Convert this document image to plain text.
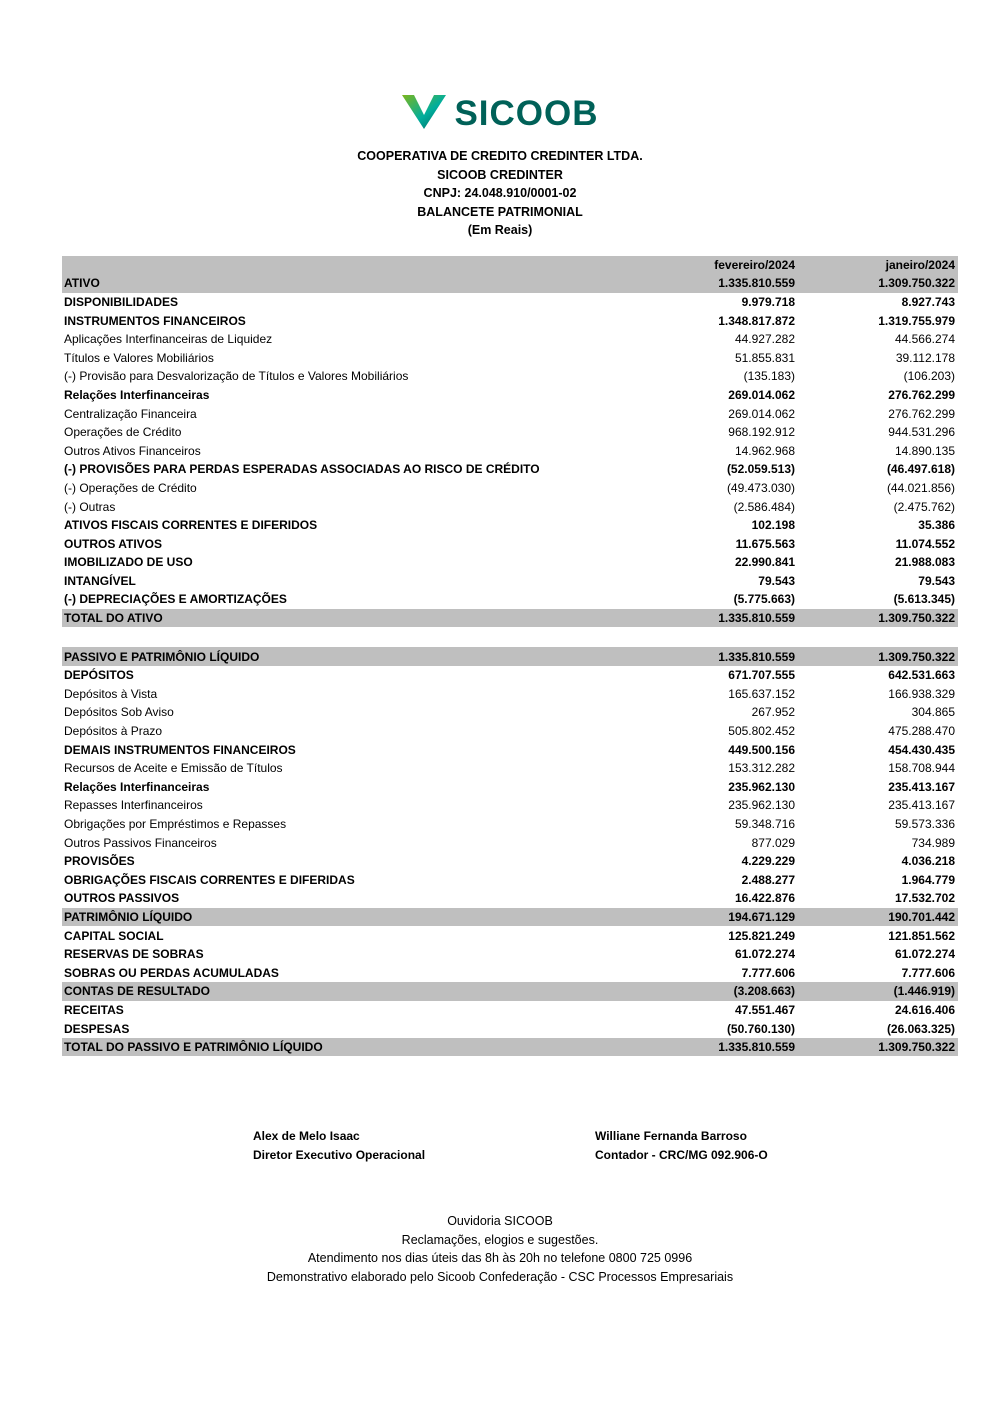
SICOOB
COOPERATIVA DE CREDITO CREDINTER LTDA.
SICOOB CREDINTER
CNPJ: 24.048.910/0001-02
BALANCETE PATRIMONIAL
(Em Reais)
	fevereiro/2024	janeiro/2024
ATIVO	1.335.810.559	1.309.750.322
DISPONIBILIDADES	9.979.718	8.927.743
INSTRUMENTOS FINANCEIROS	1.348.817.872	1.319.755.979
Aplicações Interfinanceiras de Liquidez	44.927.282	44.566.274
Títulos e Valores Mobiliários	51.855.831	39.112.178
(-) Provisão para Desvalorização de Títulos e Valores Mobiliários	(135.183)	(106.203)
Relações Interfinanceiras	269.014.062	276.762.299
Centralização Financeira	269.014.062	276.762.299
Operações de Crédito	968.192.912	944.531.296
Outros Ativos Financeiros	14.962.968	14.890.135
(-) PROVISÕES PARA PERDAS ESPERADAS ASSOCIADAS AO RISCO DE CRÉDITO	(52.059.513)	(46.497.618)
(-) Operações de Crédito	(49.473.030)	(44.021.856)
(-) Outras	(2.586.484)	(2.475.762)
ATIVOS FISCAIS CORRENTES E DIFERIDOS	102.198	35.386
OUTROS ATIVOS	11.675.563	11.074.552
IMOBILIZADO DE USO	22.990.841	21.988.083
INTANGÍVEL	79.543	79.543
(-) DEPRECIAÇÕES E AMORTIZAÇÕES	(5.775.663)	(5.613.345)
TOTAL DO ATIVO	1.335.810.559	1.309.750.322

PASSIVO E PATRIMÔNIO LÍQUIDO	1.335.810.559	1.309.750.322
DEPÓSITOS	671.707.555	642.531.663
Depósitos à Vista	165.637.152	166.938.329
Depósitos Sob Aviso	267.952	304.865
Depósitos à Prazo	505.802.452	475.288.470
DEMAIS INSTRUMENTOS FINANCEIROS	449.500.156	454.430.435
Recursos de Aceite e Emissão de Títulos	153.312.282	158.708.944
Relações Interfinanceiras	235.962.130	235.413.167
Repasses Interfinanceiros	235.962.130	235.413.167
Obrigações por Empréstimos e Repasses	59.348.716	59.573.336
Outros Passivos Financeiros	877.029	734.989
PROVISÕES	4.229.229	4.036.218
OBRIGAÇÕES FISCAIS CORRENTES E DIFERIDAS	2.488.277	1.964.779
OUTROS PASSIVOS	16.422.876	17.532.702
PATRIMÔNIO LÍQUIDO	194.671.129	190.701.442
CAPITAL SOCIAL	125.821.249	121.851.562
RESERVAS DE SOBRAS	61.072.274	61.072.274
SOBRAS OU PERDAS ACUMULADAS	7.777.606	7.777.606
CONTAS DE RESULTADO	(3.208.663)	(1.446.919)
RECEITAS	47.551.467	24.616.406
DESPESAS	(50.760.130)	(26.063.325)
TOTAL DO PASSIVO E PATRIMÔNIO LÍQUIDO	1.335.810.559	1.309.750.322
Alex de Melo Isaac
Diretor Executivo Operacional
Williane Fernanda Barroso
Contador - CRC/MG 092.906-O
Ouvidoria SICOOB
Reclamações, elogios e sugestões.
Atendimento nos dias úteis das 8h às 20h no telefone 0800 725 0996
Demonstrativo elaborado pelo Sicoob Confederação - CSC Processos Empresariais
